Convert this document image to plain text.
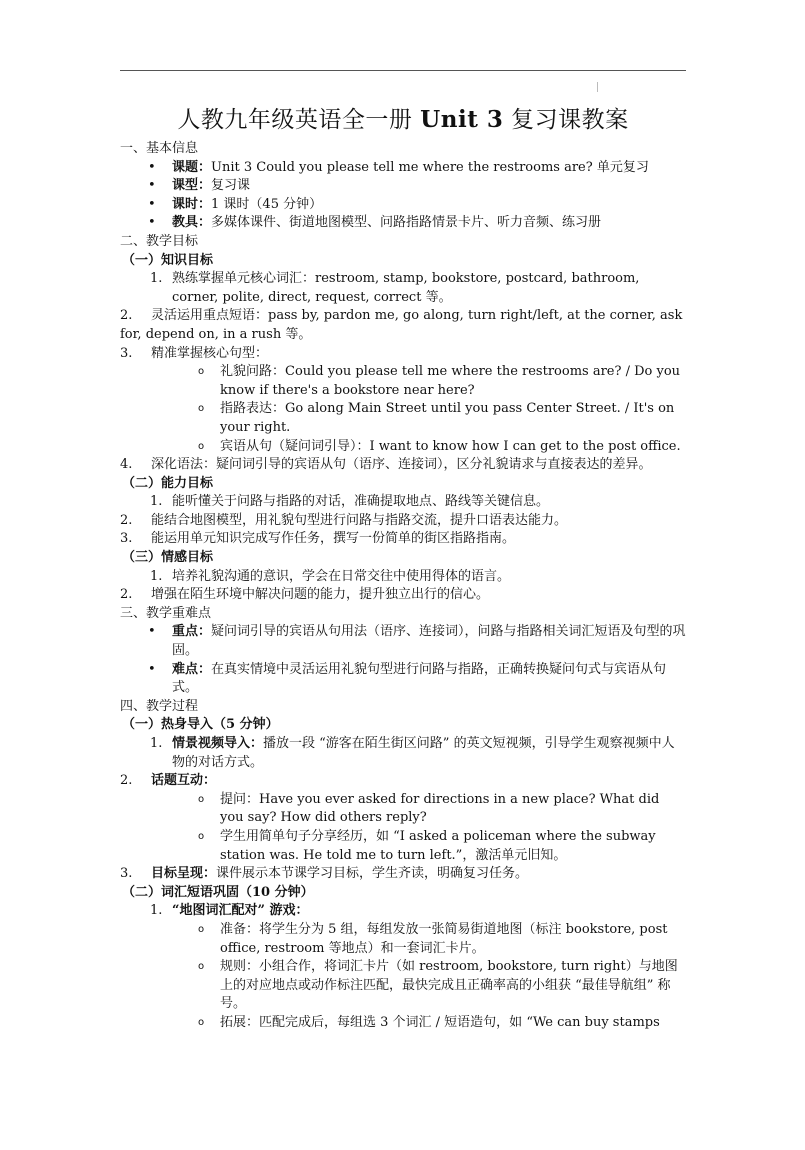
人教九年级英语全一册 Unit 3 复习课教案
一、基本信息
• 课题：Unit 3 Could you please tell me where the restrooms are? 单元复习
• 课型：复习课
• 课时：1 课时（45 分钟）
• 教具：多媒体课件、街道地图模型、问路指路情景卡片、听力音频、练习册
二、教学目标
（一）知识目标
1. 熟练掌握单元核心词汇：restroom, stamp, bookstore, postcard, bathroom, corner, polite, direct, request, correct 等。
2. 灵活运用重点短语：pass by, pardon me, go along, turn right/left, at the corner, ask for, depend on, in a rush 等。
3. 精准掌握核心句型：
o 礼貌问路：Could you please tell me where the restrooms are? / Do you know if there's a bookstore near here?
o 指路表达：Go along Main Street until you pass Center Street. / It's on your right.
o 宾语从句（疑问词引导）：I want to know how I can get to the post office.
4. 深化语法：疑问词引导的宾语从句（语序、连接词），区分礼貌请求与直接表达的差异。
（二）能力目标
1. 能听懂关于问路与指路的对话，准确提取地点、路线等关键信息。
2. 能结合地图模型，用礼貌句型进行问路与指路交流，提升口语表达能力。
3. 能运用单元知识完成写作任务，撰写一份简单的街区指路指南。
（三）情感目标
1. 培养礼貌沟通的意识，学会在日常交往中使用得体的语言。
2. 增强在陌生环境中解决问题的能力，提升独立出行的信心。
三、教学重难点
• 重点：疑问词引导的宾语从句用法（语序、连接词），问路与指路相关词汇短语及句型的巩固。
• 难点：在真实情境中灵活运用礼貌句型进行问路与指路，正确转换疑问句式与宾语从句式。
四、教学过程
（一）热身导入（5 分钟）
1. 情景视频导入：播放一段 “游客在陌生街区问路” 的英文短视频，引导学生观察视频中人物的对话方式。
2. 话题互动：
o 提问：Have you ever asked for directions in a new place? What did you say? How did others reply?
o 学生用简单句子分享经历，如 “I asked a policeman where the subway station was. He told me to turn left.”，激活单元旧知。
3. 目标呈现：课件展示本节课学习目标，学生齐读，明确复习任务。
（二）词汇短语巩固（10 分钟）
1. “地图词汇配对” 游戏：
o 准备：将学生分为 5 组，每组发放一张简易街道地图（标注 bookstore, post office, restroom 等地点）和一套词汇卡片。
o 规则：小组合作，将词汇卡片（如 restroom, bookstore, turn right）与地图上的对应地点或动作标注匹配，最快完成且正确率高的小组获 “最佳导航组” 称号。
o 拓展：匹配完成后，每组选 3 个词汇 / 短语造句，如 “We can buy stamps
